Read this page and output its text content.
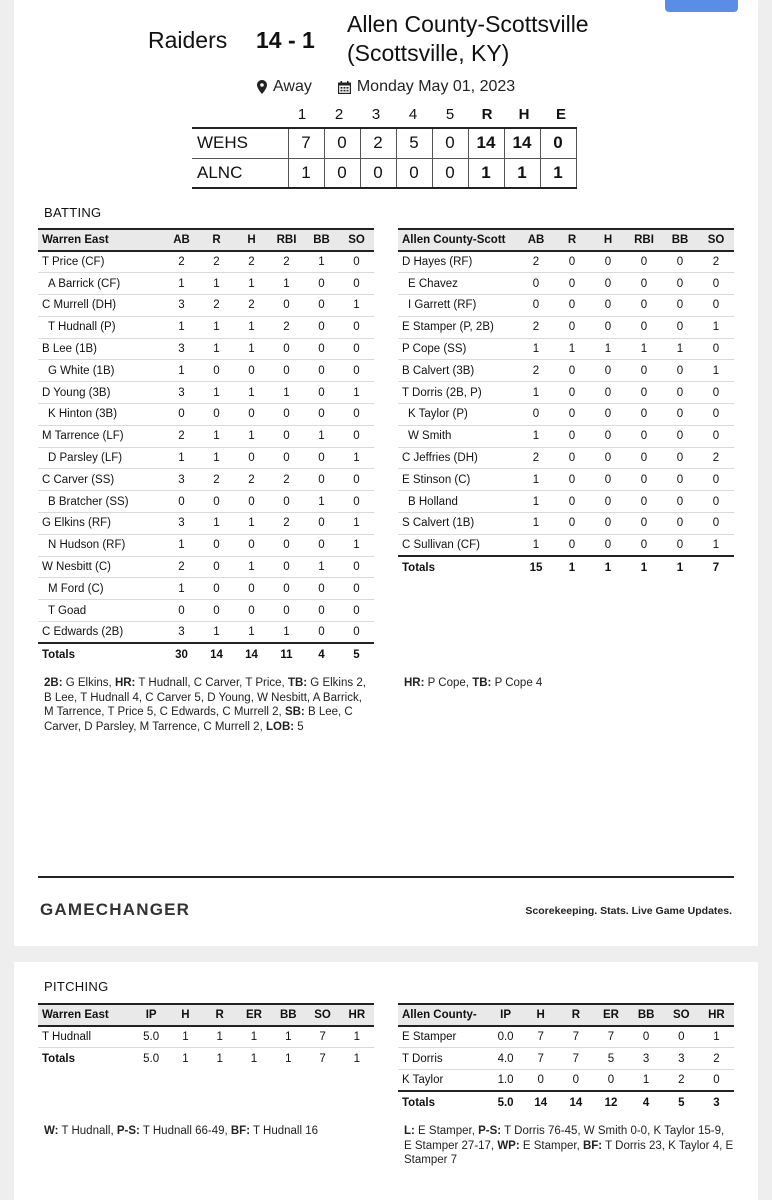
Raiders 14 - 1
Allen County-Scottsville
(Scottsville, KY)
Away	Monday May 01, 2023
1	2	3	4	5	R	H	E
WEHS	7	0	2	5	0	14	14	0
ALNC	1	0	0	0	0	1	1	1
BATTING
Warren East	AB	R	H	RBI	BB	SO
T Price (CF)	2	2	2	2	1	0
A Barrick (CF)	1	1	1	1	0	0
C Murrell (DH)	3	2	2	0	0	1
T Hudnall (P)	1	1	1	2	0	0
B Lee (1B)	3	1	1	0	0	0
G White (1B)	1	0	0	0	0	0
D Young (3B)	3	1	1	1	0	1
K Hinton (3B)	0	0	0	0	0	0
M Tarrence (LF)	2	1	1	0	1	0
D Parsley (LF)	1	1	0	0	0	1
C Carver (SS)	3	2	2	2	0	0
B Bratcher (SS)	0	0	0	0	1	0
G Elkins (RF)	3	1	1	2	0	1
N Hudson (RF)	1	0	0	0	0	1
W Nesbitt (C)	2	0	1	0	1	0
M Ford (C)	1	0	0	0	0	0
T Goad	0	0	0	0	0	0
C Edwards (2B)	3	1	1	1	0	0
Totals	30	14	14	11	4	5
Allen County-Scott	AB	R	H	RBI	BB	SO
D Hayes (RF)	2	0	0	0	0	2
E Chavez	0	0	0	0	0	0
I Garrett (RF)	0	0	0	0	0	0
E Stamper (P, 2B)	2	0	0	0	0	1
P Cope (SS)	1	1	1	1	1	0
B Calvert (3B)	2	0	0	0	0	1
T Dorris (2B, P)	1	0	0	0	0	0
K Taylor (P)	0	0	0	0	0	0
W Smith	1	0	0	0	0	0
C Jeffries (DH)	2	0	0	0	0	2
E Stinson (C)	1	0	0	0	0	0
B Holland	1	0	0	0	0	0
S Calvert (1B)	1	0	0	0	0	0
C Sullivan (CF)	1	0	0	0	0	1
Totals	15	1	1	1	1	7
2B: G Elkins, HR: T Hudnall, C Carver, T Price, TB: G Elkins 2, B Lee, T Hudnall 4, C Carver 5, D Young, W Nesbitt, A Barrick, M Tarrence, T Price 5, C Edwards, C Murrell 2, SB: B Lee, C Carver, D Parsley, M Tarrence, C Murrell 2, LOB: 5
HR: P Cope, TB: P Cope 4
GAMECHANGER	Scorekeeping. Stats. Live Game Updates.
PITCHING
Warren East	IP	H	R	ER	BB	SO	HR
T Hudnall	5.0	1	1	1	1	7	1
Totals	5.0	1	1	1	1	7	1
Allen County-	IP	H	R	ER	BB	SO	HR
E Stamper	0.0	7	7	7	0	0	1
T Dorris	4.0	7	7	5	3	3	2
K Taylor	1.0	0	0	0	1	2	0
Totals	5.0	14	14	12	4	5	3
W: T Hudnall, P-S: T Hudnall 66-49, BF: T Hudnall 16	L: E Stamper, P-S: T Dorris 76-45, W Smith 0-0, K Taylor 15-9, E Stamper 27-17, WP: E Stamper, BF: T Dorris 23, K Taylor 4, E Stamper 7
